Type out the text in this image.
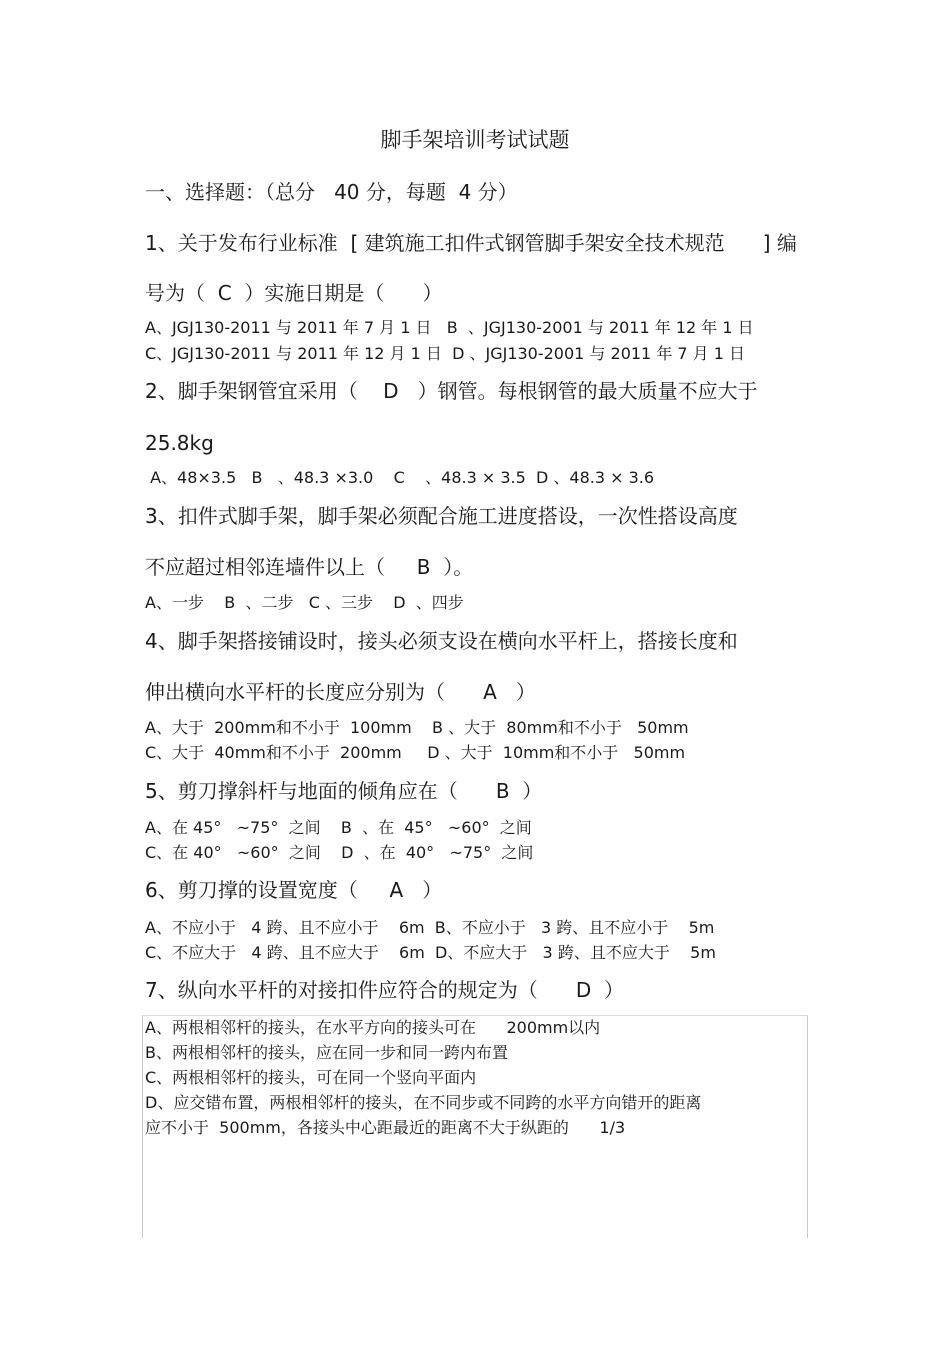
脚手架培训考试试题
一、选择题：（总分   40 分，每题  4 分）
1、关于发布行业标准  [ 建筑施工扣件式钢管脚手架安全技术规范      ] 编
号为（  C  ）实施日期是（      ）
A、JGJ130-2011 与 2011 年 7 月 1 日   B  、JGJ130-2001 与 2011 年 12 年 1 日
C、JGJ130-2011 与 2011 年 12 月 1 日  D 、JGJ130-2001 与 2011 年 7 月 1 日
2、脚手架钢管宜采用（    D   ）钢管。每根钢管的最大质量不应大于
25.8kg
A、48×3.5   B   、48.3 ×3.0    C    、48.3 × 3.5  D 、48.3 × 3.6
3、扣件式脚手架，脚手架必须配合施工进度搭设，一次性搭设高度
不应超过相邻连墙件以上（     B  ）。
A、一步    B  、二步   C 、三步    D  、四步
4、脚手架搭接铺设时，接头必须支设在横向水平杆上，搭接长度和
伸出横向水平杆的长度应分别为（      A   ）
A、大于  200mm和不小于  100mm    B 、大于  80mm和不小于   50mm
C、大于  40mm和不小于  200mm     D 、大于  10mm和不小于   50mm
5、剪刀撑斜杆与地面的倾角应在（      B  ）
A、在 45°   ~75°  之间    B  、在  45°   ~60°  之间
C、在 40°   ~60°  之间    D  、在  40°   ~75°  之间
6、剪刀撑的设置宽度（     A   ）
A、不应小于   4 跨、且不应小于    6m  B、不应小于   3 跨、且不应小于    5m
C、不应大于   4 跨、且不应大于    6m  D、不应大于   3 跨、且不应大于    5m
7、纵向水平杆的对接扣件应符合的规定为（      D  ）
A、两根相邻杆的接头，在水平方向的接头可在      200mm以内
B、两根相邻杆的接头，应在同一步和同一跨内布置
C、两根相邻杆的接头，可在同一个竖向平面内
D、应交错布置，两根相邻杆的接头，在不同步或不同跨的水平方向错开的距离
应不小于  500mm，各接头中心距最近的距离不大于纵距的      1/3
